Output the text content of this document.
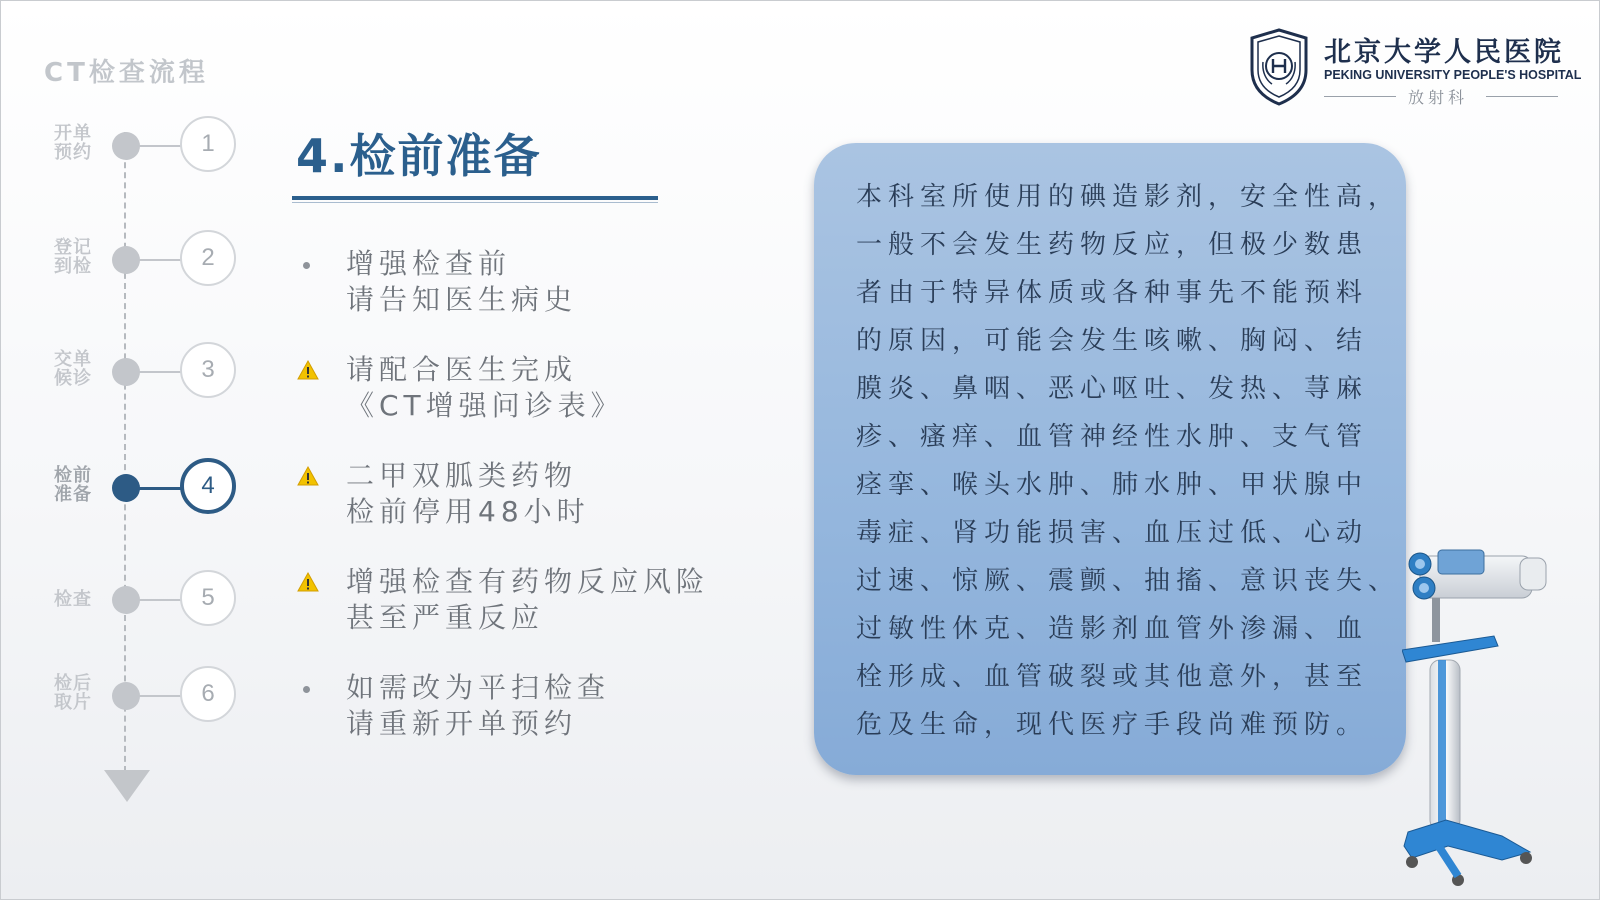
CT检查流程
北京大学人民医院
PEKING UNIVERSITY PEOPLE'S HOSPITAL
放射科
开单预约	1
登记到检	2
交单候诊	3
检前准备	4
检查	5
检后取片	6
4.检前准备
增强检查前
请告知医生病史
请配合医生完成
《CT增强问诊表》
二甲双胍类药物
检前停用48小时
增强检查有药物反应风险
甚至严重反应
如需改为平扫检查
请重新开单预约
本科室所使用的碘造影剂，安全性高，
一般不会发生药物反应，但极少数患
者由于特异体质或各种事先不能预料
的原因，可能会发生咳嗽、胸闷、结
膜炎、鼻咽、恶心呕吐、发热、荨麻
疹、瘙痒、血管神经性水肿、支气管
痉挛、喉头水肿、肺水肿、甲状腺中
毒症、肾功能损害、血压过低、心动
过速、惊厥、震颤、抽搐、意识丧失、
过敏性休克、造影剂血管外渗漏、血
栓形成、血管破裂或其他意外，甚至
危及生命，现代医疗手段尚难预防。
